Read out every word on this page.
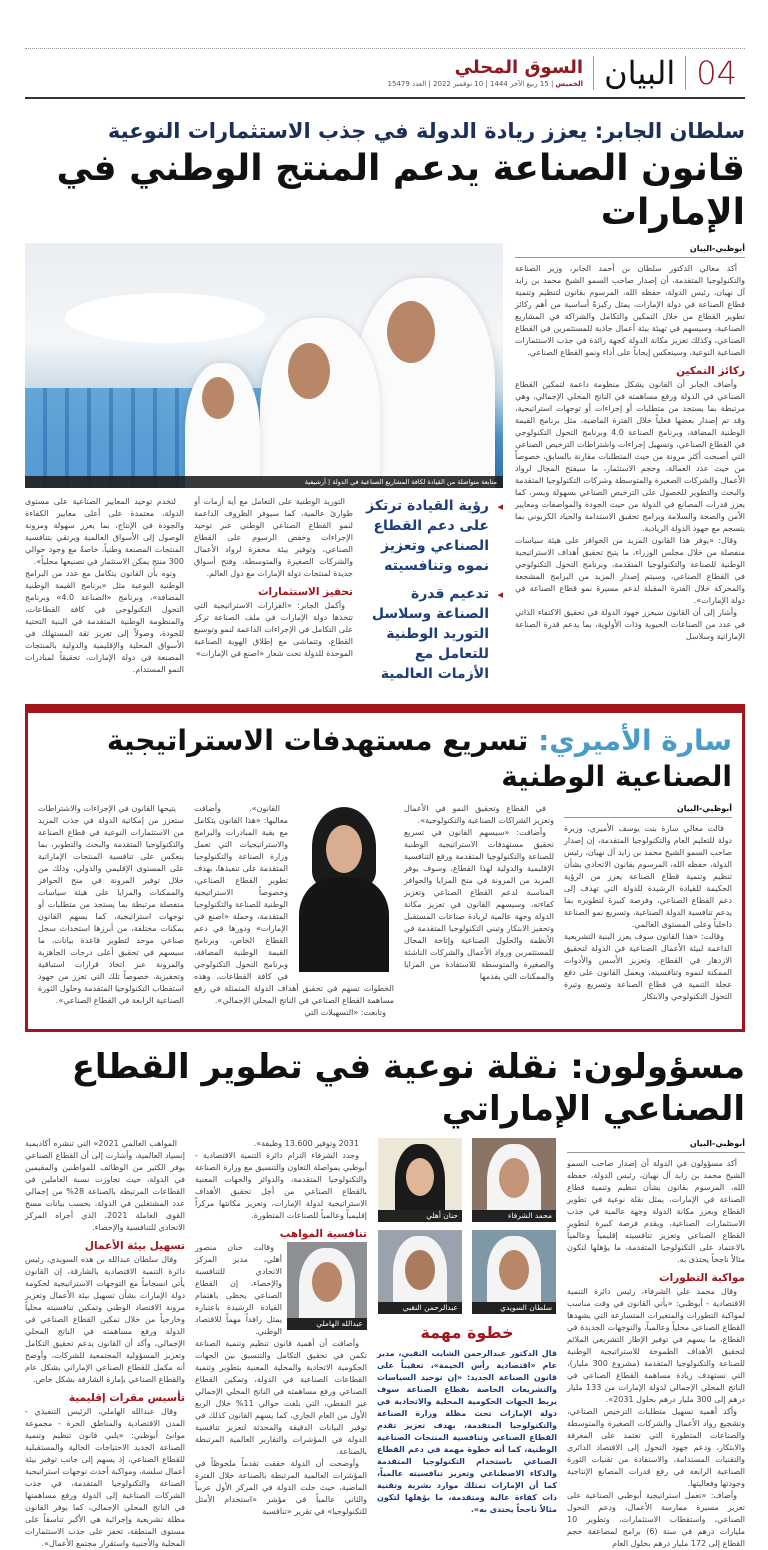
04
البيان
السوق المحلي
الخميس | 15 ربيع الآخر 1444 | 10 نوفمبر 2022 | العدد 15479
سلطان الجابر: يعزز ريادة الدولة في جذب الاستثمارات النوعية
قانون الصناعة يدعم المنتج الوطني في الإمارات
أبوظبي-البيان

أكد معالي الدكتور سلطان بن أحمد الجابر، وزير الصناعة والتكنولوجيا المتقدمة، أن إصدار صاحب السمو الشيخ محمد بن زايد آل نهيان، رئيس الدولة، حفظه الله، المرسوم بقانون لتنظيم وتنمية قطاع الصناعة في دولة الإمارات، يمثل ركيزةً أساسية من أهم ركائز تطوير القطاع من خلال التمكين والتكامل والشراكة في المشاريع الصناعية، وسيسهم في تهيئة بيئة أعمال جاذبة للمستثمرين في القطاع الصناعي، وكذلك تعزيز مكانة الدولة كجهة رائدة في جذب الاستثمارات الصناعية النوعية، وسينعكس إيجاباً على أداء ونمو القطاع الصناعي.

ركائز التمكين

وأضاف الجابر أن القانون يشكل منظومة داعمة لتمكين القطاع الصناعي في الدولة ورفع مساهمته في الناتج المحلي الإجمالي، وهي مرتبطة بما يستجد من متطلبات أو إجراءات أو توجهات استراتيجية، وقد تم إصدار بعضها فعلياً خلال الفترة الماضية، مثل برنامج القيمة الوطنية المضافة، وبرنامج الصناعة 4.0 وبرنامج التحول التكنولوجي في القطاع الصناعي، وتسهيل إجراءات واشتراطات الترخيص الصناعي التي أصبحت أكثر مرونة من حيث المتطلبات مقارنة بالسابق، خصوصاً من حيث عدد العمالة، وحجم الاستثمار، ما سيفتح المجال لرواد الأعمال والشركات الصغيرة والمتوسطة وشركات التكنولوجيا المتقدمة والبحث والتطوير للحصول على الترخيص الصناعي بسهولة ويسر، كما يعزز قدرات المصانع في الدولة من حيث الجودة والمواصفات ومعايير الأمن والصحة والسلامة وبرامج تحقيق الاستدامة والحياد الكربوني بما يتسجم مع جهود الدولة الريادية.

وقال: «يوفر هذا القانون المزيد من الحوافز على هيئة سياسات منفصلة من خلال مجلس الوزراء، ما يتيح تحقيق أهداف الاستراتيجية الوطنية للصناعة والتكنولوجيا المتقدمة، وبرنامج التحول التكنولوجي في القطاع الصناعي، وسيتم إصدار المزيد من البرامج المشجعة والمحركة خلال الفترة المقبلة لدعم مسيرة نمو قطاع الصناعة في دولة الإمارات».

وأشار إلى أن القانون سيعزز جهود الدولة في تحقيق الاكتفاء الذاتي في عدد من الصناعات الحيوية وذات الأولوية، بما يدعم قدرة الصناعة الإماراتية وسلاسل

متابعة متواصلة من القيادة لكافة المشاريع الصناعية في الدولة | أرشيفية
◂
رؤية القيادة ترتكز على دعم القطاع الصناعي وتعزيز نموه وتنافسيته
◂
تدعيم قدرة الصناعة وسلاسل التوريد الوطنية للتعامل مع الأزمات العالمية

التوريد الوطنية على التعامل مع أية أزمات أو طوارئ عالمية، كما سيوفر الظروف الداعمة لنمو القطاع الصناعي الوطني عبر توحيد الإجراءات وخفض الرسوم على القطاع الصناعي، وتوفير بيئة محفزة لرواد الأعمال والشركات الصغيرة والمتوسطة، وفتح أسواق جديدة لمنتجات دولة الإمارات مع دول العالم.

تحفيز الاستثمارات

وأكمل الجابر: «القرارات الاستراتيجية التي تتخذها دولة الإمارات في ملف الصناعة تركز على التكامل في الإجراءات الداعمة لنمو وتوسيع القطاع، وتتماشى مع إطلاق الهوية الصناعية الموحدة للدولة تحت شعار «اصنع في الإمارات»

لتخدم توحيد المعايير الصناعية على مستوى الدولة، معتمدة على أعلى معايير الكفاءة والجودة في الإنتاج، بما يعزز سهولة ومرونة الوصول إلى الأسواق العالمية ويرتقي بتنافسية المنتجات المصنعة وطنياً، خاصةً مع وجود حوالي 300 منتج يمكن الاستثمار في تصنيعها محلياً».

ونوه بأن القانون يتكامل مع عدد من البرامج الوطنية النوعية مثل «برنامج القيمة الوطنية المضافة»، وبرنامج «الصناعة 4.0» وبرنامج التحول التكنولوجي في كافة القطاعات، والمنظومة الوطنية المتقدمة في البنية التحتية للجودة، وصولاً إلى تعزيز ثقة المستهلك في الأسواق المحلية والإقليمية والدولية بالمنتجات المصنعة في دولة الإمارات، تحقيقاً لمبادرات النمو المستدام.

سارة الأميري: تسريع مستهدفات الاستراتيجية الصناعية الوطنية
أبوظبي-البيان

قالت معالي سارة بنت يوسف الأميري، وزيرة دولة للتعليم العام والتكنولوجيا المتقدمة، إن إصدار صاحب السمو الشيخ محمد بن زايد آل نهيان، رئيس الدولة، حفظه الله، المرسوم بقانون الاتحادي بشأن تنظيم وتنمية قطاع الصناعة يعزز من الرؤية الحكيمة للقيادة الرشيدة للدولة التي تهدف إلى دعم القطاع الصناعي، وفرصة كبيرة لتطويره بما يدعم تنافسية الدولة الصناعية، وتسريع نمو الصناعة داخلياً وعلى المستوى العالمي.

وقالت: «هذا القانون سوف يعزز البنية التشريعية الداعمة لبيئة الأعمال الصناعية في الدولة لتحقيق الازدهار في القطاع، وتعزيز الأسس والأدوات الممكنة لنموه وتنافسيته، ويعمل القانون على دفع عجلة التنمية في قطاع الصناعة وتسريع وتيرة التحول التكنولوجي والابتكار

في القطاع وتحقيق النمو في الأعمال وتعزيز الشراكات الصناعية والتكنولوجية».

وأضافت: «سيسهم القانون في تسريع تحقيق مستهدفات الاستراتيجية الوطنية للصناعة والتكنولوجيا المتقدمة ورفع التنافسية الإقليمية والدولية لهذا القطاع، وسوف يوفر المزيد من المرونة في منح المزايا والحوافز المناسبة لدعم القطاع الصناعي وتعزيز كفاءته، وسيسهم القانون في تعزيز مكانة الدولة وجهة عالمية لريادة صناعات المستقبل وتحفيز الابتكار وتبني التكنولوجيا المتقدمة في الأنظمة والحلول الصناعية وإتاحة المجال للمستثمرين ورواد الأعمال والشركات الناشئة والصغيرة والمتوسطة للاستفادة من المزايا والممكنات التي يقدمها

القانون». وأضافت معاليها: «هذا القانون يتكامل مع بقية المبادرات والبرامج والاستراتيجيات التي تعمل وزارة الصناعة والتكنولوجيا المتقدمة على تنفيذها، بهدف تطوير القطاع الصناعي، وخصوصاً الاستراتيجية الوطنية للصناعة والتكنولوجيا المتقدمة، وحملة «اصنع في الإمارات» ودورها في دعم القطاع الخاص، وبرنامج القيمة الوطنية المضافة، وبرنامج التحول التكنولوجي في كافة القطاعات، وهذه الخطوات تسهم في تحقيق أهداف الدولة المتمثلة في رفع مساهمة القطاع الصناعي في الناتج المحلي الإجمالي».

وتابعت: «التسهيلات التي

يتيحها القانون في الإجراءات والاشتراطات ستعزز من إمكانية الدولة في جذب المزيد من الاستثمارات النوعية في قطاع الصناعة والتكنولوجيا المتقدمة والبحث والتطوير، بما ينعكس على تنافسية المنتجات الإماراتية على المستوى الإقليمي والدولي، وذلك من خلال توفير المرونة في منح الحوافز والممكنات والمزايا على هيئة سياسات منفصلة مرتبطة بما يستجد من متطلبات أو توجهات استراتيجية، كما يسهم القانون بمكنات مختلفة، من أبرزها استحداث سجل صناعي موحد لتطوير قاعدة بيانات، ما سيسهم في تحقيق أعلى درجات الجاهزية والمرونة عبر اتخاذ قرارات استباقية وتحفيزية، خصوصاً تلك التي تعزز من جهود استقطاب التكنولوجيا المتقدمة وحلول الثورة الصناعية الرابعة في القطاع الصناعي».

مسؤولون: نقلة نوعية في تطوير القطاع الصناعي الإماراتي
أبوظبي-البيان

أكد مسؤولون في الدولة أن إصدار صاحب السمو الشيخ محمد بن زايد آل نهيان، رئيس الدولة، حفظه الله، المرسوم بقانون بشأن تنظيم وتنمية قطاع الصناعة في الإمارات، يمثل نقلة نوعية في تطوير القطاع ويعزز مكانة الدولة وجهة عالمية في جذب الاستثمارات الصناعية، ويقدم فرصة كبيرة لتطوير القطاع الصناعي وتعزيز تنافسيته إقليمياً وعالمياً بالاعتماد على التكنولوجيا المتقدمة، ما يؤهلها لتكون مثالاً ناجحاً يحتذى به.

مواكبة التطورات

وقال محمد علي الشرفاء، رئيس دائرة التنمية الاقتصادية - أبوظبي: «يأتي القانون في وقت مناسب لمواكبة التطورات والمتغيرات المتسارعة التي يشهدها القطاع الصناعي محلياً وعالمياً، والتوجهات الجديدة في القطاع، ما يسهم في توفير الإطار التشريعي الملائم لتحقيق الأهداف الطموحة للاستراتيجية الوطنية للصناعة والتكنولوجيا المتقدمة (مشروع 300 مليار)، التي تستهدف زيادة مساهمة القطاع الصناعي في الناتج المحلي الإجمالي لدولة الإمارات من 133 مليار درهم إلى 300 مليار درهم بحلول 2031».

وأكد أهمية تسهيل متطلبات الترخيص الصناعي، وتشجيع رواد الأعمال والشركات الصغيرة والمتوسطة والصناعات المتطورة التي تعتمد على المعرفة والابتكار، ودعم جهود التحول إلى الاقتصاد الدائري والتقنيات المستدامة، والاستفادة من تقنيات الثورة الصناعية الرابعة في رفع قدرات المصانع الإنتاجية وجودتها وفعاليتها.

وأضاف: «تعمل استراتيجية أبوظبي الصناعية على تعزيز مسيرة ممارسة الأعمال، ودعم التحول الصناعي، واستقطاب الاستثمارات، وتطوير 10 مليارات درهم في ستة (6) برامج لمضاعفة حجم القطاع إلى 172 مليار درهم بحلول العام

محمد الشرفاء
حنان أهلي
سلطان السويدي
عبدالرحمن النقبي
خطوة مهمة

قال الدكتور عبدالرحمن الشايب النقبي، مدير عام «اقتصادية رأس الخيمة»، تعقيباً على قانون الصناعة الجديد: «إن توحيد السياسات والتشريعات الخاصة بقطاع الصناعة سوف يربط الجهات الحكومية المحلية والاتحادية في دولة الإمارات تحت مظلة وزارة الصناعة والتكنولوجيا المتقدمة، بهدف تعزيز تقدم القطاع الصناعي وتنافسية المنتجات الصناعية الوطنية، كما أنه خطوة مهمة في دعم القطاع الصناعي باستخدام التكنولوجيا المتقدمة والذكاء الاصطناعي وتعزيز تنافسيته عالمياً، كما أن الإمارات تمتلك موارد بشرية وتقنية ذات كفاءة عالية ومتقدمة، ما يؤهلها لتكون مثالاً ناجحاً يحتذى به».

2031 وتوفير 13.600 وظيفة».

وجدد الشرفاء التزام دائرة التنمية الاقتصادية - أبوظبي بمواصلة التعاون والتنسيق مع وزارة الصناعة والتكنولوجيا المتقدمة، والدوائر والجهات المعنية بالقطاع الصناعي من أجل تحقيق الأهداف الاستراتيجية لدولة الإمارات، وتعزيز مكانتها مركزاً إقليمياً وعالمياً للصناعات المتطورة.

تنافسية المواهب
عبدالله الهاملي

وقالت حنان منصور أهلي، مدير المركز الاتحادي للتنافسية والإحصاء، إن القطاع الصناعي يحظى باهتمام القيادة الرشيدة باعتباره يمثل رافداً مهماً للاقتصاد الوطني.

وأضافت أن أهمية قانون تنظيم وتنمية الصناعة تكمن في تحقيق التكامل والتنسيق بين الجهات الحكومية الاتحادية والمحلية المعنية بتطوير وتنمية القطاعات الصناعية في الدولة، وتمكين القطاع الصناعي ورفع مساهمته في الناتج المحلي الإجمالي غير النفطي، التي بلغت حوالي 11% خلال الربع الأول من العام الجاري، كما يسهم القانون كذلك في توفير البيانات الدقيقة والمحدثة لتعزيز تنافسية الدولة في المؤشرات والتقارير العالمية المرتبطة بالصناعة.

وأوضحت أن الدولة حققت تقدماً ملحوظاً في المؤشرات العالمية المرتبطة بالصناعة خلال الفترة الماضية، حيث حلت الدولة في المركز الأول عربياً والثاني عالمياً في مؤشر «استخدام الأمثل للتكنولوجيا» في تقرير «تنافسية

المواهب العالمي 2021» التي تنشره أكاديمية إنسياد العالمية، وأشارت إلى أن القطاع الصناعي يوفر الكثير من الوظائف للمواطنين والمقيمين في الدولة، حيث تجاوزت نسبة العاملين في القطاعات المرتبطة بالصناعة 28% من إجمالي عدد المشتغلين في الدولة، بحسب بيانات مسح القوى العاملة 2021، الذي أجراه المركز الاتحادي للتنافسية والإحصاء.

تسهيل بيئة الأعمال

وقال سلطان عبدالله بن هده السويدي، رئيس دائرة التنمية الاقتصادية بالشارقة، إن القانون يأتي انسجاماً مع التوجهات الاستراتيجية لحكومة دولة الإمارات بشأن تسهيل بيئة الأعمال وتعزيز مرونة الاقتصاد الوطني وتمكين تنافسيته محلياً وخارجياً من خلال تمكين القطاع الصناعي في الدولة ورفع مساهمته في الناتج المحلي الإجمالي، وأكد أن القانون يدعم تحقيق التكامل وتعزيز المسؤولية المجتمعية للشركات، وأوضح أنه مكمل للقطاع الصناعي الإماراتي بشكل عام والقطاع الصناعي بإمارة الشارقة بشكل خاص.

تأسيس مقرات إقليمية

وقال عبدالله الهاملي، الرئيس التنفيذي - المدن الاقتصادية والمناطق الحرة - مجموعة موانئ أبوظبي: «يلبي قانون تنظيم وتنمية الصناعة الجديد الاحتياجات الحالية والمستقبلية للقطاع الصناعي، إذ يسهم إلى جانب توفير بيئة أعمال سلسة، ومواكبة أحدث توجهات استراتيجية الصناعة والتكنولوجيا المتقدمة، في جذب الشركات الصناعية إلى الدولة ورفع مساهمتها في الناتج المحلي الإجمالي، كما يوفر القانون مظلة تشريعية وإجرائية هي الأكبر تناسقاً على مستوى المنطقة، تحفز على جذب الاستثمارات المحلية والأجنبية واستقرار مجتمع الأعمال».
